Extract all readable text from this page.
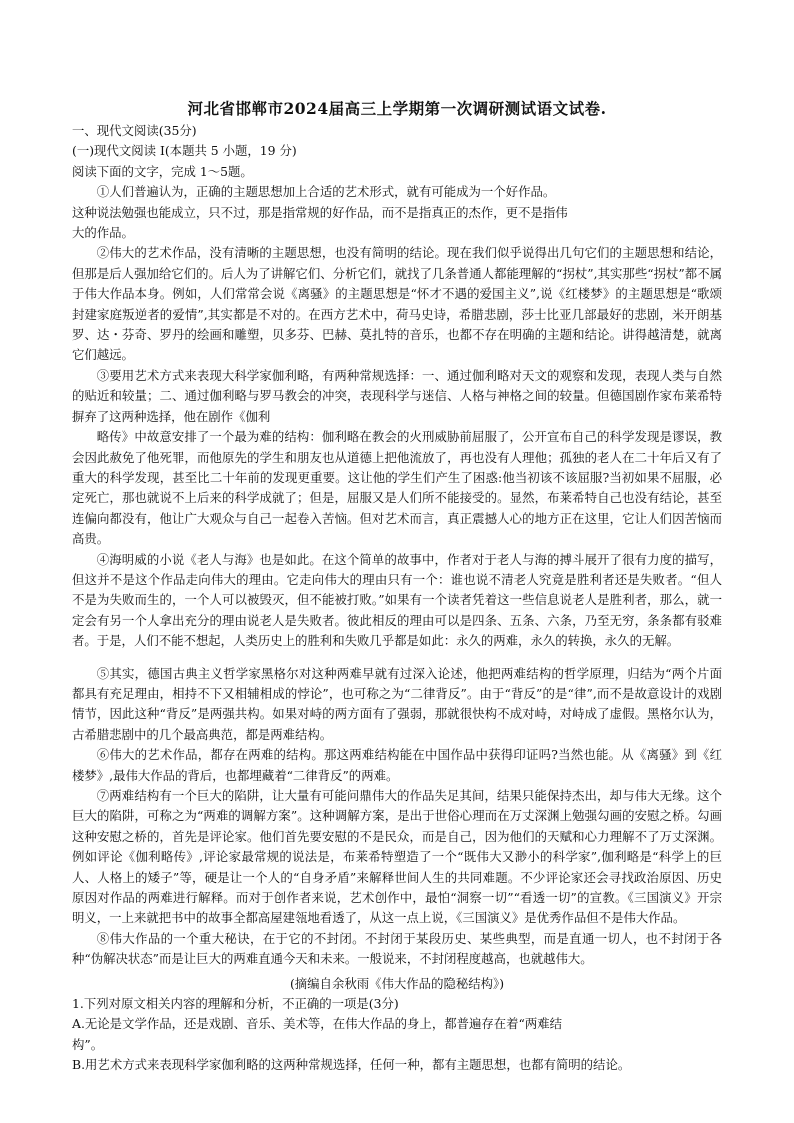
河北省邯郸市2024届高三上学期第一次调研测试语文试卷.

一、现代文阅读(35分)

(一)现代文阅读 I(本题共 5 小题，19 分)

阅读下面的文字，完成 1～5题。

①人们普遍认为，正确的主题思想加上合适的艺术形式，就有可能成为一个好作品。

这种说法勉强也能成立，只不过，那是指常规的好作品，而不是指真正的杰作，更不是指伟

大的作品。

②伟大的艺术作品，没有清晰的主题思想，也没有简明的结论。现在我们似乎说得出几句它们的主题思想和结论，但那是后人强加给它们的。后人为了讲解它们、分析它们，就找了几条普通人都能理解的“拐杖”,其实那些“拐杖”都不属于伟大作品本身。例如，人们常常会说《离骚》的主题思想是“怀才不遇的爱国主义”,说《红楼梦》的主题思想是“歌颂封建家庭叛逆者的爱情”,其实都是不对的。在西方艺术中，荷马史诗，希腊悲剧，莎士比亚几部最好的悲剧，米开朗基罗、达・芬奇、罗丹的绘画和雕塑，贝多芬、巴赫、莫扎特的音乐，也都不存在明确的主题和结论。讲得越清楚，就离它们越远。

③要用艺术方式来表现大科学家伽利略，有两种常规选择：一、通过伽利略对天文的观察和发现，表现人类与自然的贴近和较量；二、通过伽利略与罗马教会的冲突，表现科学与迷信、人格与神格之间的较量。但德国剧作家布莱希特摒弃了这两种选择，他在剧作《伽利

略传》中故意安排了一个最为难的结构：伽利略在教会的火刑威胁前屈服了，公开宣布自己的科学发现是谬误，教会因此赦免了他死罪，而他原先的学生和朋友也从道德上把他流放了，再也没有人理他；孤独的老人在二十年后又有了重大的科学发现，甚至比二十年前的发现更重要。这让他的学生们产生了困惑:他当初该不该屈服?当初如果不屈服，必定死亡，那也就说不上后来的科学成就了；但是，屈服又是人们所不能接受的。显然，布莱希特自己也没有结论，甚至连偏向都没有，他让广大观众与自己一起卷入苦恼。但对艺术而言，真正震撼人心的地方正在这里，它让人们因苦恼而高贵。

④海明威的小说《老人与海》也是如此。在这个简单的故事中，作者对于老人与海的搏斗展开了很有力度的描写，但这并不是这个作品走向伟大的理由。它走向伟大的理由只有一个：谁也说不清老人究竟是胜利者还是失败者。“但人不是为失败而生的，一个人可以被毁灭，但不能被打败。”如果有一个读者凭着这一些信息说老人是胜利者，那么，就一定会有另一个人拿出充分的理由说老人是失败者。彼此相反的理由可以是四条、五条、六条，乃至无穷，条条都有驳难者。于是，人们不能不想起，人类历史上的胜利和失败几乎都是如此：永久的两难，永久的转换，永久的无解。

⑤其实，德国古典主义哲学家黑格尔对这种两难早就有过深入论述，他把两难结构的哲学原理，归结为“两个片面都具有充足理由，相持不下又相辅相成的悖论”，也可称之为“二律背反”。由于“背反”的是“律”,而不是故意设计的戏剧情节，因此这种“背反”是两强共构。如果对峙的两方面有了强弱，那就很快构不成对峙，对峙成了虚假。黑格尔认为，古希腊悲剧中的几个最高典范，都是两难结构。

⑥伟大的艺术作品，都存在两难的结构。那这两难结构能在中国作品中获得印证吗?当然也能。从《离骚》到《红楼梦》,最伟大作品的背后，也都埋藏着“二律背反”的两难。

⑦两难结构有一个巨大的陷阱，让大量有可能问鼎伟大的作品失足其间，结果只能保持杰出，却与伟大无缘。这个巨大的陷阱，可称之为“两难的调解方案”。这种调解方案，是出于世俗心理而在万丈深渊上勉强勾画的安慰之桥。勾画这种安慰之桥的，首先是评论家。他们首先要安慰的不是民众，而是自己，因为他们的天赋和心力理解不了万丈深渊。例如评论《伽利略传》,评论家最常规的说法是，布莱希特塑造了一个“既伟大又渺小的科学家”,伽利略是“科学上的巨人、人格上的矮子”等，硬是让一个人的“自身矛盾”来解释世间人生的共同难题。不少评论家还会寻找政治原因、历史原因对作品的两难进行解释。而对于创作者来说，艺术创作中，最怕“洞察一切”“看透一切”的宣教。《三国演义》开宗明义，一上来就把书中的故事全都高屋建瓴地看透了，从这一点上说，《三国演义》是优秀作品但不是伟大作品。

⑧伟大作品的一个重大秘诀，在于它的不封闭。不封闭于某段历史、某些典型，而是直通一切人，也不封闭于各种“伪解决状态”而是让巨大的两难直通今天和未来。一般说来，不封闭程度越高，也就越伟大。

(摘编自余秋雨《伟大作品的隐秘结构》)

1.下列对原文相关内容的理解和分析，不正确的一项是(3分)

A.无论是文学作品，还是戏剧、音乐、美术等，在伟大作品的身上，都普遍存在着“两难结

构”。

B.用艺术方式来表现科学家伽利略的这两种常规选择，任何一种，都有主题思想，也都有简明的结论。
